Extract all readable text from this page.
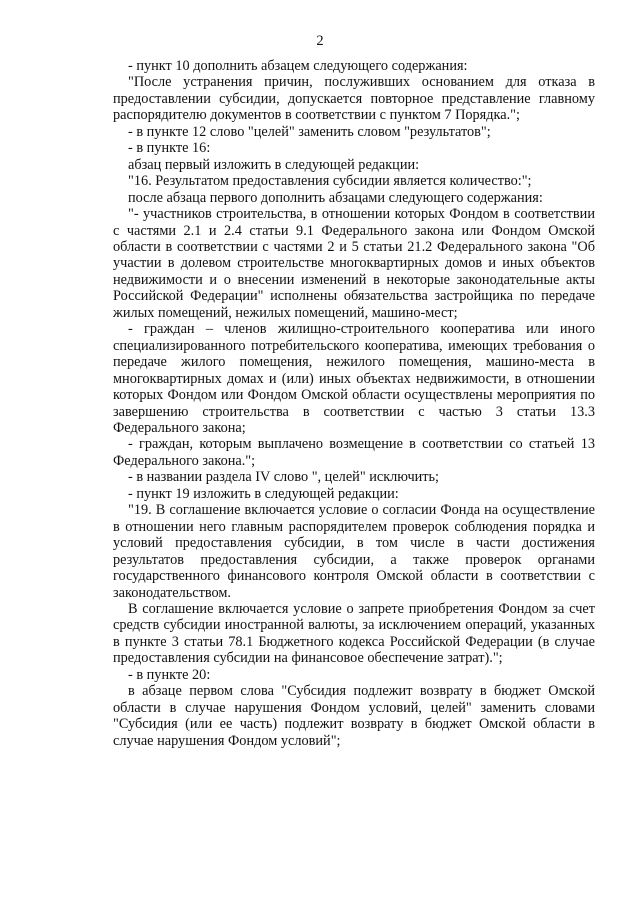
2

- пункт 10 дополнить абзацем следующего содержания:

"После устранения причин, послуживших основанием для отказа в предоставлении субсидии, допускается повторное представление главному распорядителю документов в соответствии с пунктом 7 Порядка.";

- в пункте 12 слово "целей" заменить словом "результатов";

- в пункте 16:

абзац первый изложить в следующей редакции:

"16. Результатом предоставления субсидии является количество:";

после абзаца первого дополнить абзацами следующего содержания:

"- участников строительства, в отношении которых Фондом в соответствии с частями 2.1 и 2.4 статьи 9.1 Федерального закона или Фондом Омской области в соответствии с частями 2 и 5 статьи 21.2 Федерального закона "Об участии в долевом строительстве многоквартирных домов и иных объектов недвижимости и о внесении изменений в некоторые законодательные акты Российской Федерации" исполнены обязательства застройщика по передаче жилых помещений, нежилых помещений, машино-мест;

- граждан – членов жилищно-строительного кооператива или иного специализированного потребительского кооператива, имеющих требования о передаче жилого помещения, нежилого помещения, машино-места в многоквартирных домах и (или) иных объектах недвижимости, в отношении которых Фондом или Фондом Омской области осуществлены мероприятия по завершению строительства в соответствии с частью 3 статьи 13.3 Федерального закона;

- граждан, которым выплачено возмещение в соответствии со статьей 13 Федерального закона.";

- в названии раздела IV слово ", целей" исключить;

- пункт 19 изложить в следующей редакции:

"19. В соглашение включается условие о согласии Фонда на осуществление в отношении него главным распорядителем проверок соблюдения порядка и условий предоставления субсидии, в том числе в части достижения результатов предоставления субсидии, а также проверок органами государственного финансового контроля Омской области в соответствии с законодательством.

В соглашение включается условие о запрете приобретения Фондом за счет средств субсидии иностранной валюты, за исключением операций, указанных в пункте 3 статьи 78.1 Бюджетного кодекса Российской Федерации (в случае предоставления субсидии на финансовое обеспечение затрат).";

- в пункте 20:

в абзаце первом слова "Субсидия подлежит возврату в бюджет Омской области в случае нарушения Фондом условий, целей" заменить словами "Субсидия (или ее часть) подлежит возврату в бюджет Омской области в случае нарушения Фондом условий";
